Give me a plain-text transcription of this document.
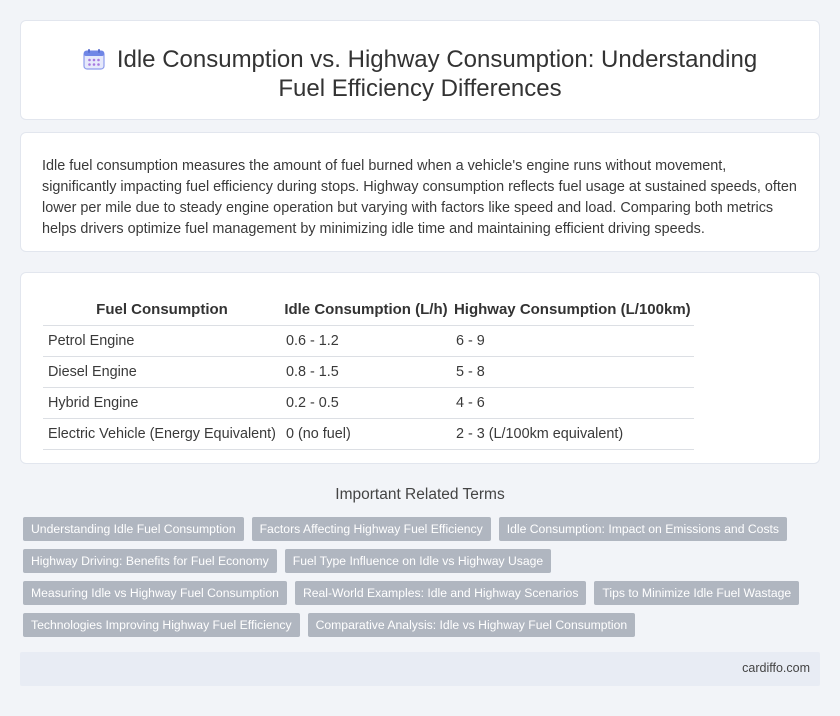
Idle Consumption vs. Highway Consumption: Understanding Fuel Efficiency Differences

Idle fuel consumption measures the amount of fuel burned when a vehicle's engine runs without movement, significantly impacting fuel efficiency during stops. Highway consumption reflects fuel usage at sustained speeds, often lower per mile due to steady engine operation but varying with factors like speed and load. Comparing both metrics helps drivers optimize fuel management by minimizing idle time and maintaining efficient driving speeds.

Fuel Consumption	Idle Consumption (L/h)	Highway Consumption (L/100km)
Petrol Engine	0.6 - 1.2	6 - 9
Diesel Engine	0.8 - 1.5	5 - 8
Hybrid Engine	0.2 - 0.5	4 - 6
Electric Vehicle (Energy Equivalent)	0 (no fuel)	2 - 3 (L/100km equivalent)
Important Related Terms
Understanding Idle Fuel Consumption	Factors Affecting Highway Fuel Efficiency	Idle Consumption: Impact on Emissions and Costs
Highway Driving: Benefits for Fuel Economy	Fuel Type Influence on Idle vs Highway Usage
Measuring Idle vs Highway Fuel Consumption	Real-World Examples: Idle and Highway Scenarios	Tips to Minimize Idle Fuel Wastage
Technologies Improving Highway Fuel Efficiency	Comparative Analysis: Idle vs Highway Fuel Consumption
cardiffo.com
